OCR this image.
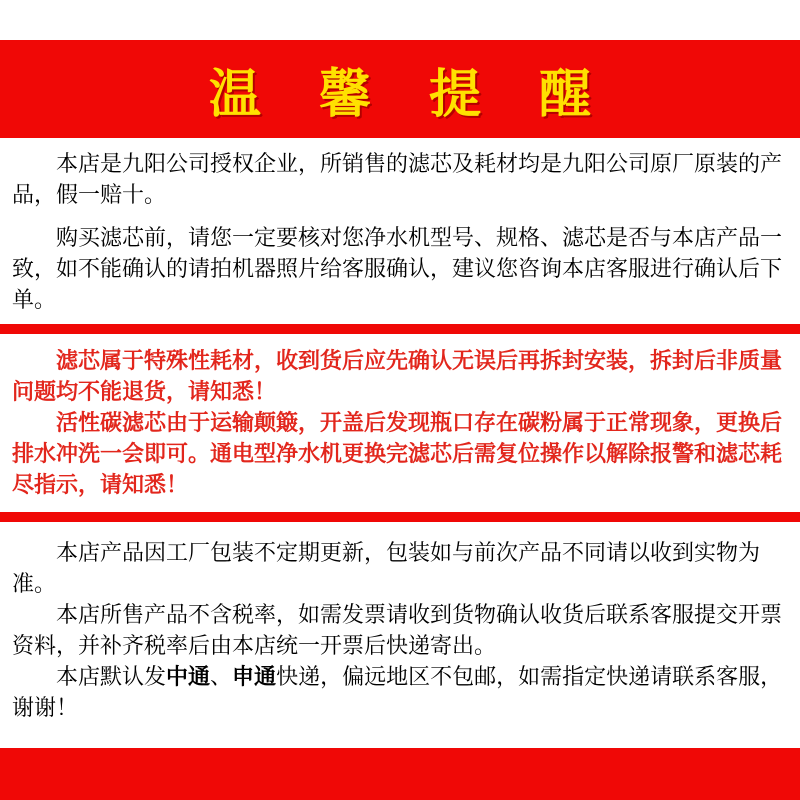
温 馨 提 醒

本店是九阳公司授权企业，所销售的滤芯及耗材均是九阳公司原厂原装的产品，假一赔十。

购买滤芯前，请您一定要核对您净水机型号、规格、滤芯是否与本店产品一致，如不能确认的请拍机器照片给客服确认，建议您咨询本店客服进行确认后下单。

滤芯属于特殊性耗材，收到货后应先确认无误后再拆封安装，拆封后非质量问题均不能退货，请知悉！

活性碳滤芯由于运输颠簸，开盖后发现瓶口存在碳粉属于正常现象，更换后排水冲洗一会即可。通电型净水机更换完滤芯后需复位操作以解除报警和滤芯耗尽指示，请知悉！

本店产品因工厂包装不定期更新，包装如与前次产品不同请以收到实物为准。

本店所售产品不含税率，如需发票请收到货物确认收货后联系客服提交开票资料，并补齐税率后由本店统一开票后快递寄出。

本店默认发中通、申通快递，偏远地区不包邮，如需指定快递请联系客服，谢谢！
